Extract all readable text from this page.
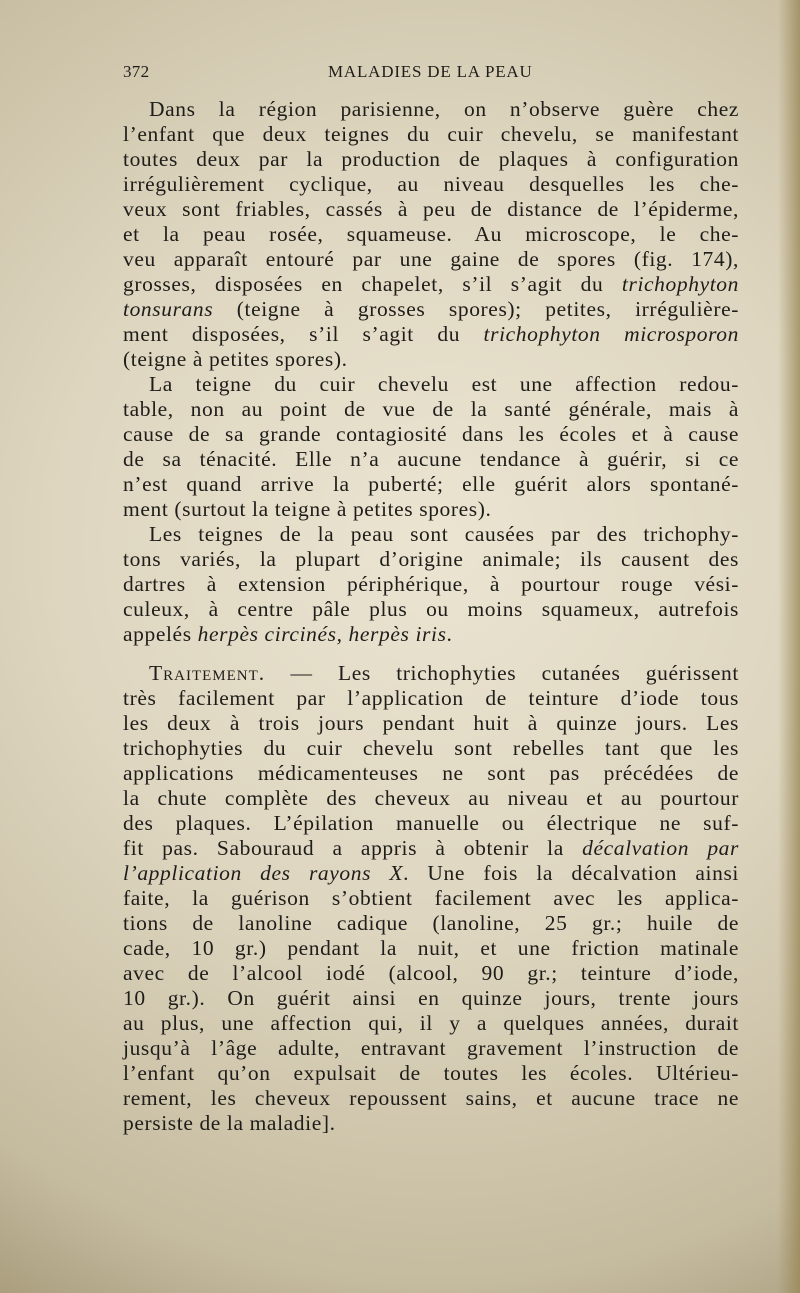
372	MALADIES DE LA PEAU
Dans la région parisienne, on n’observe guère chez
l’enfant que deux teignes du cuir chevelu, se manifestant
toutes deux par la production de plaques à configuration
irrégulièrement cyclique, au niveau desquelles les che-
veux sont friables, cassés à peu de distance de l’épiderme,
et la peau rosée, squameuse. Au microscope, le che-
veu apparaît entouré par une gaine de spores (fig. 174),
grosses, disposées en chapelet, s’il s’agit du trichophyton
tonsurans (teigne à grosses spores); petites, irrégulière-
ment disposées, s’il s’agit du trichophyton microsporon
(teigne à petites spores).
La teigne du cuir chevelu est une affection redou-
table, non au point de vue de la santé générale, mais à
cause de sa grande contagiosité dans les écoles et à cause
de sa ténacité. Elle n’a aucune tendance à guérir, si ce
n’est quand arrive la puberté; elle guérit alors spontané-
ment (surtout la teigne à petites spores).
Les teignes de la peau sont causées par des trichophy-
tons variés, la plupart d’origine animale; ils causent des
dartres à extension périphérique, à pourtour rouge vési-
culeux, à centre pâle plus ou moins squameux, autrefois
appelés herpès circinés, herpès iris.
Traitement. — Les trichophyties cutanées guérissent
très facilement par l’application de teinture d’iode tous
les deux à trois jours pendant huit à quinze jours. Les
trichophyties du cuir chevelu sont rebelles tant que les
applications médicamenteuses ne sont pas précédées de
la chute complète des cheveux au niveau et au pourtour
des plaques. L’épilation manuelle ou électrique ne suf-
fit pas. Sabouraud a appris à obtenir la décalvation par
l’application des rayons X. Une fois la décalvation ainsi
faite, la guérison s’obtient facilement avec les applica-
tions de lanoline cadique (lanoline, 25 gr.; huile de
cade, 10 gr.) pendant la nuit, et une friction matinale
avec de l’alcool iodé (alcool, 90 gr.; teinture d’iode,
10 gr.). On guérit ainsi en quinze jours, trente jours
au plus, une affection qui, il y a quelques années, durait
jusqu’à l’âge adulte, entravant gravement l’instruction de
l’enfant qu’on expulsait de toutes les écoles. Ultérieu-
rement, les cheveux repoussent sains, et aucune trace ne
persiste de la maladie].
